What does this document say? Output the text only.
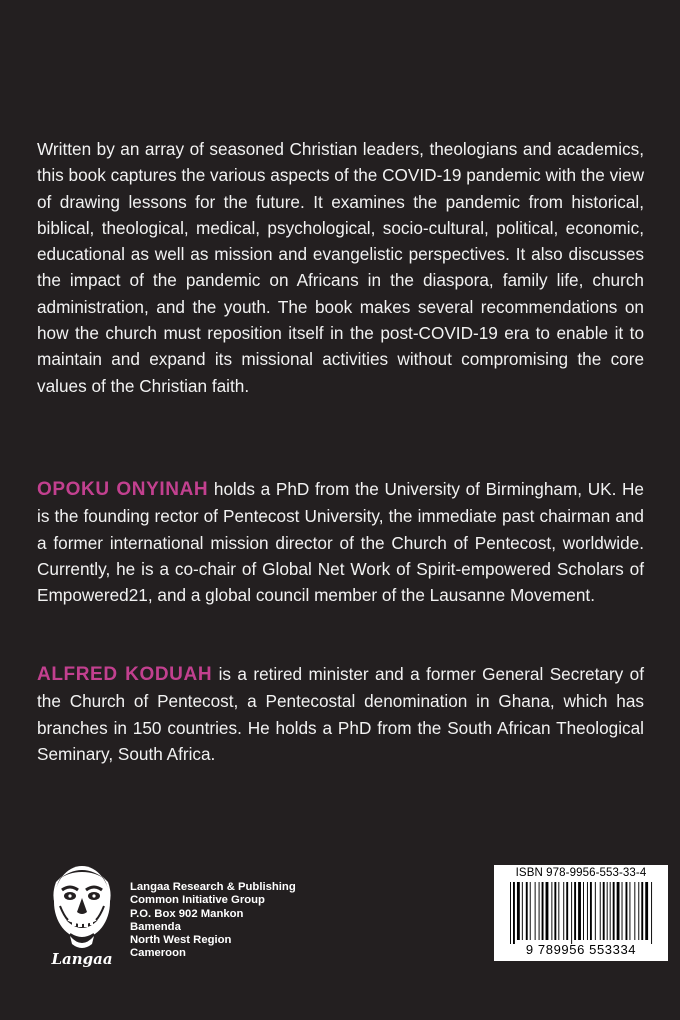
Written by an array of seasoned Christian leaders, theologians and academics, this book captures the various aspects of the COVID-19 pandemic with the view of drawing lessons for the future. It examines the pandemic from historical, biblical, theological, medical, psychological, socio-cultural, political, economic, educational as well as mission and evangelistic perspectives. It also discusses the impact of the pandemic on Africans in the diaspora, family life, church administration, and the youth. The book makes several recommendations on how the church must reposition itself in the post-COVID-19 era to enable it to maintain and expand its missional activities without compromising the core values of the Christian faith.

OPOKU ONYINAH holds a PhD from the University of Birmingham, UK. He is the founding rector of Pentecost University, the immediate past chairman and a former international mission director of the Church of Pentecost, worldwide. Currently, he is a co-chair of Global Net Work of Spirit-empowered Scholars of Empowered21, and a global council member of the Lausanne Movement.

ALFRED KODUAH is a retired minister and a former General Secretary of the Church of Pentecost, a Pentecostal denomination in Ghana, which has branches in 150 countries. He holds a PhD from the South African Theological Seminary, South Africa.

Langaa
Langaa Research & Publishing
Common Initiative Group
P.O. Box 902 Mankon
Bamenda
North West Region
Cameroon
ISBN 978-9956-553-33-4
9 789956 553334
